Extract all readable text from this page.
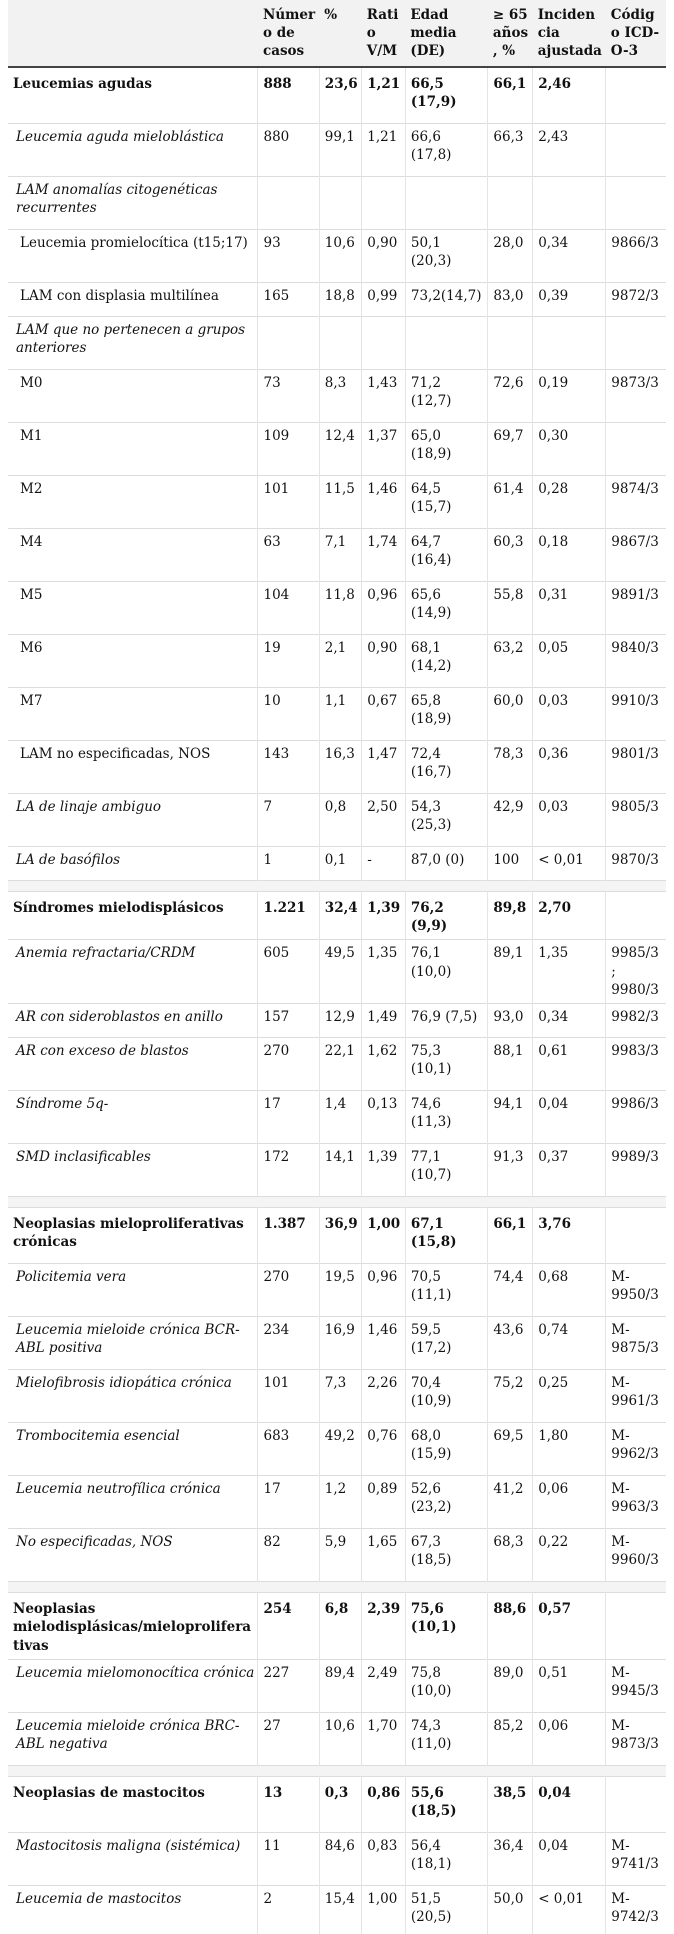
	Número de casos	%	Ratio V/M	Edad media (DE)	≥ 65 años, %	Incidencia ajustada	Código ICD-O-3
Leucemias agudas	888	23,6	1,21	66,5 (17,9)	66,1	2,46	
Leucemia aguda mieloblástica	880	99,1	1,21	66,6 (17,8)	66,3	2,43	
LAM anomalías citogenéticas recurrentes							
Leucemia promielocítica (t15;17)	93	10,6	0,90	50,1 (20,3)	28,0	0,34	9866/3
LAM con displasia multilínea	165	18,8	0,99	73,2(14,7)	83,0	0,39	9872/3
LAM que no pertenecen a grupos anteriores							
M0	73	8,3	1,43	71,2 (12,7)	72,6	0,19	9873/3
M1	109	12,4	1,37	65,0 (18,9)	69,7	0,30	
M2	101	11,5	1,46	64,5 (15,7)	61,4	0,28	9874/3
M4	63	7,1	1,74	64,7 (16,4)	60,3	0,18	9867/3
M5	104	11,8	0,96	65,6 (14,9)	55,8	0,31	9891/3
M6	19	2,1	0,90	68,1 (14,2)	63,2	0,05	9840/3
M7	10	1,1	0,67	65,8 (18,9)	60,0	0,03	9910/3
LAM no especificadas, NOS	143	16,3	1,47	72,4 (16,7)	78,3	0,36	9801/3
LA de linaje ambiguo	7	0,8	2,50	54,3 (25,3)	42,9	0,03	9805/3
LA de basófilos	1	0,1	-	87,0 (0)	100	< 0,01	9870/3

Síndromes mielodisplásicos	1.221	32,4	1,39	76,2 (9,9)	89,8	2,70	
Anemia refractaria/CRDM	605	49,5	1,35	76,1 (10,0)	89,1	1,35	9985/3; 9980/3
AR con sideroblastos en anillo	157	12,9	1,49	76,9 (7,5)	93,0	0,34	9982/3
AR con exceso de blastos	270	22,1	1,62	75,3 (10,1)	88,1	0,61	9983/3
Síndrome 5q-	17	1,4	0,13	74,6 (11,3)	94,1	0,04	9986/3
SMD inclasificables	172	14,1	1,39	77,1 (10,7)	91,3	0,37	9989/3

Neoplasias mieloproliferativas crónicas	1.387	36,9	1,00	67,1 (15,8)	66,1	3,76	
Policitemia vera	270	19,5	0,96	70,5 (11,1)	74,4	0,68	M-9950/3
Leucemia mieloide crónica BCR-ABL positiva	234	16,9	1,46	59,5 (17,2)	43,6	0,74	M-9875/3
Mielofibrosis idiopática crónica	101	7,3	2,26	70,4 (10,9)	75,2	0,25	M-9961/3
Trombocitemia esencial	683	49,2	0,76	68,0 (15,9)	69,5	1,80	M-9962/3
Leucemia neutrofílica crónica	17	1,2	0,89	52,6 (23,2)	41,2	0,06	M-9963/3
No especificadas, NOS	82	5,9	1,65	67,3 (18,5)	68,3	0,22	M-9960/3

Neoplasias mielodisplásicas/mieloproliferativas	254	6,8	2,39	75,6 (10,1)	88,6	0,57	
Leucemia mielomonocítica crónica	227	89,4	2,49	75,8 (10,0)	89,0	0,51	M-9945/3
Leucemia mieloide crónica BRC-ABL negativa	27	10,6	1,70	74,3 (11,0)	85,2	0,06	M-9873/3

Neoplasias de mastocitos	13	0,3	0,86	55,6 (18,5)	38,5	0,04	
Mastocitosis maligna (sistémica)	11	84,6	0,83	56,4 (18,1)	36,4	0,04	M-9741/3
Leucemia de mastocitos	2	15,4	1,00	51,5 (20,5)	50,0	< 0,01	M-9742/3
